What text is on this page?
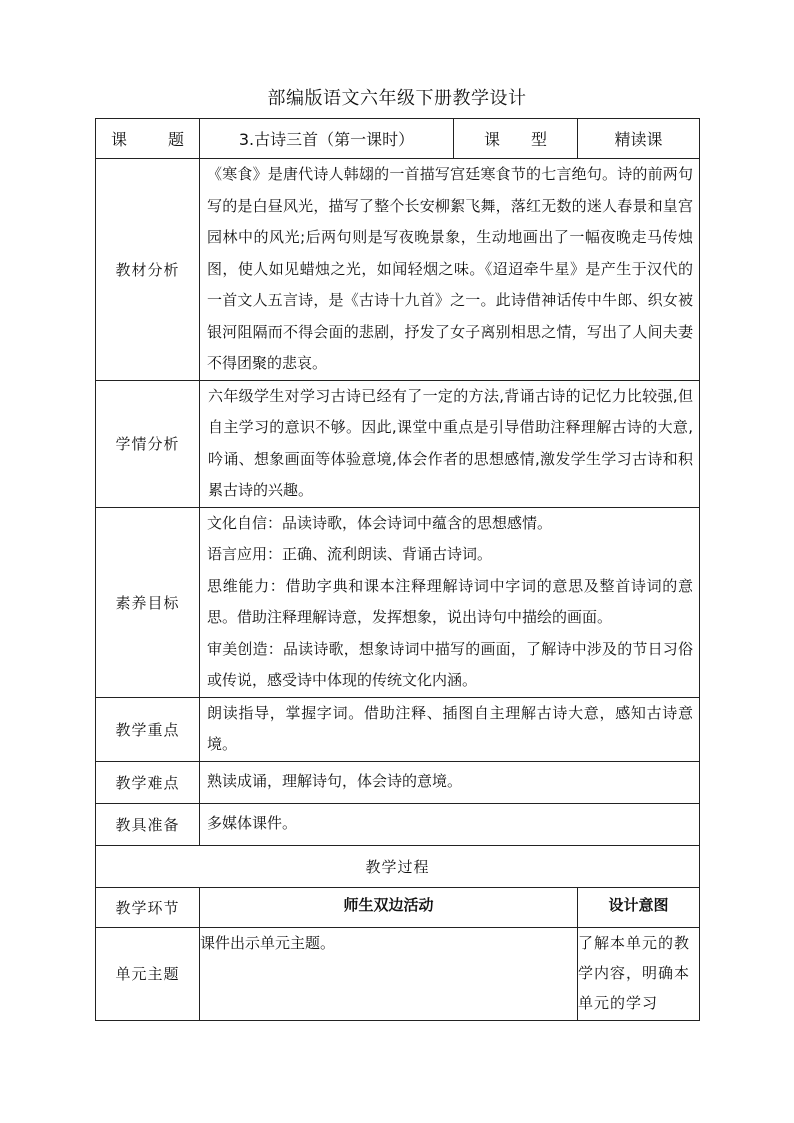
部编版语文六年级下册教学设计
课 题	3.古诗三首（第一课时）	课 型	精读课
教材分析	《寒食》是唐代诗人韩翃的一首描写宫廷寒食节的七言绝句。诗的前两句写的是白昼风光，描写了整个长安柳絮飞舞，落红无数的迷人春景和皇宫园林中的风光;后两句则是写夜晚景象，生动地画出了一幅夜晚走马传烛图，使人如见蜡烛之光，如闻轻烟之味。《迢迢牵牛星》是产生于汉代的一首文人五言诗，是《古诗十九首》之一。此诗借神话传中牛郎、织女被银河阻隔而不得会面的悲剧，抒发了女子离别相思之情，写出了人间夫妻不得团聚的悲哀。		

学情分析	六年级学生对学习古诗已经有了一定的方法,背诵古诗的记忆力比较强,但自主学习的意识不够。因此,课堂中重点是引导借助注释理解古诗的大意,吟诵、想象画面等体验意境,体会作者的思想感情,激发学生学习古诗和积累古诗的兴趣。		

素养目标	文化自信：品读诗歌，体会诗词中蕴含的思想感情。

语言应用：正确、流利朗读、背诵古诗词。

思维能力：借助字典和课本注释理解诗词中字词的意思及整首诗词的意思。借助注释理解诗意，发挥想象，说出诗句中描绘的画面。

审美创造：品读诗歌，想象诗词中描写的画面，了解诗中涉及的节日习俗或传说，感受诗中体现的传统文化内涵。		

教学重点	朗读指导，掌握字词。借助注释、插图自主理解古诗大意，感知古诗意境。		

教学难点	熟读成诵，理解诗句，体会诗的意境。		

教具准备	多媒体课件。		

教学过程			
教学环节	师生双边活动		设计意图
单元主题	课件出示单元主题。		了解本单元的教学内容，明确本单元的学习
